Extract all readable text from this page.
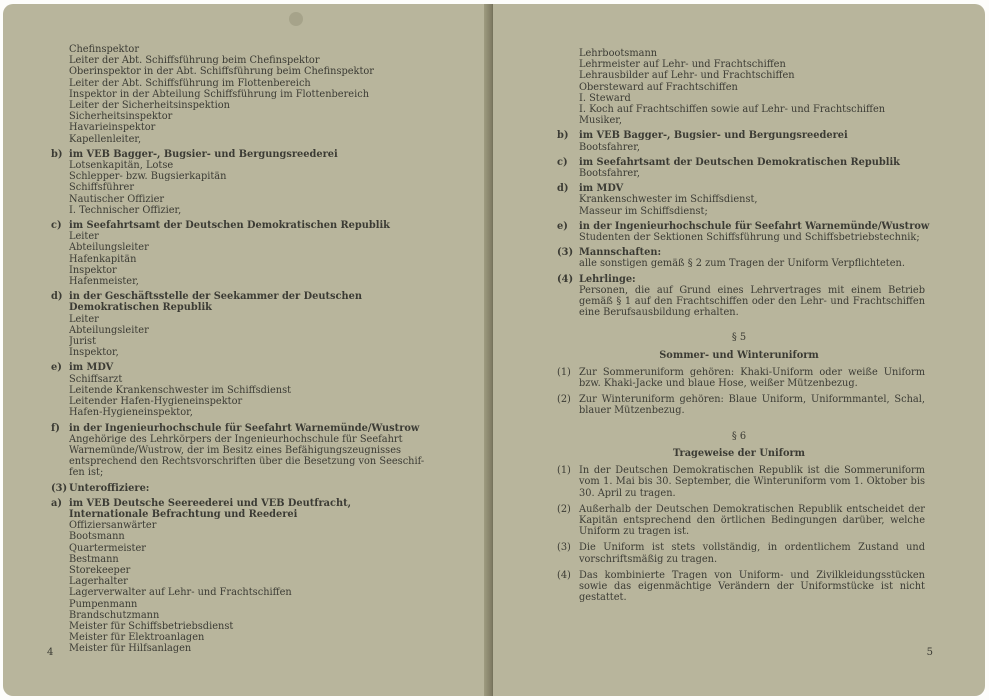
Chefinspektor

Leiter der Abt. Schiffsführung beim Chefinspektor

Oberinspektor in der Abt. Schiffsführung beim Chefinspektor

Leiter der Abt. Schiffsführung im Flottenbereich

Inspektor in der Abteilung Schiffsführung im Flottenbereich

Leiter der Sicherheitsinspektion

Sicherheitsinspektor

Havarieinspektor

Kapellenleiter,

b) im VEB Bagger-, Bugsier- und Bergungsreederei

Lotsenkapitän, Lotse

Schlepper- bzw. Bugsierkapitän

Schiffsführer

Nautischer Offizier

I. Technischer Offizier,

c) im Seefahrtsamt der Deutschen Demokratischen Republik

Leiter

Abteilungsleiter

Hafenkapitän

Inspektor

Hafenmeister,

d) in der Geschäftsstelle der Seekammer der Deutschen Demokratischen Republik

Leiter

Abteilungsleiter

Jurist

Inspektor,

e) im MDV

Schiffsarzt

Leitende Krankenschwester im Schiffsdienst

Leitender Hafen-Hygieneinspektor

Hafen-Hygieneinspektor,

f) in der Ingenieurhochschule für Seefahrt Warnemünde/Wustrow

Angehörige des Lehrkörpers der Ingenieurhochschule für Seefahrt

Warnemünde/Wustrow, der im Besitz eines Befähigungszeugnisses

entsprechend den Rechtsvorschriften über die Besetzung von Seeschif-

fen ist;

(3) Unteroffiziere:
a) im VEB Deutsche Seereederei und VEB Deutfracht, Internationale Befrachtung und Reederei

Offiziersanwärter

Bootsmann

Quartermeister

Bestmann

Storekeeper

Lagerhalter

Lagerverwalter auf Lehr- und Frachtschiffen

Pumpenmann

Brandschutzmann

Meister für Schiffsbetriebsdienst

Meister für Elektroanlagen

Meister für Hilfsanlagen

4

Lehrbootsmann

Lehrmeister auf Lehr- und Frachtschiffen

Lehrausbilder auf Lehr- und Frachtschiffen

Obersteward auf Frachtschiffen

I. Steward

I. Koch auf Frachtschiffen sowie auf Lehr- und Frachtschiffen

Musiker,

b) im VEB Bagger-, Bugsier- und Bergungsreederei

Bootsfahrer,

c) im Seefahrtsamt der Deutschen Demokratischen Republik

Bootsfahrer,

d) im MDV

Krankenschwester im Schiffsdienst,

Masseur im Schiffsdienst;

e) in der Ingenieurhochschule für Seefahrt Warnemünde/Wustrow

Studenten der Sektionen Schiffsführung und Schiffsbetriebstechnik;

(3) Mannschaften:
alle sonstigen gemäß § 2 zum Tragen der Uniform Verpflichteten.
(4) Lehrlinge:
Personen, die auf Grund eines Lehrvertrages mit einem Betrieb gemäß § 1 auf den Frachtschiffen oder den Lehr- und Frachtschiffen eine Berufsausbildung erhalten.
§ 5
Sommer- und Winteruniform
(1) Zur Sommeruniform gehören: Khaki-Uniform oder weiße Uniform bzw. Khaki-Jacke und blaue Hose, weißer Mützenbezug.
(2) Zur Winteruniform gehören: Blaue Uniform, Uniformmantel, Schal, blauer Mützenbezug.
§ 6
Trageweise der Uniform
(1) In der Deutschen Demokratischen Republik ist die Sommeruniform vom 1. Mai bis 30. September, die Winteruniform vom 1. Oktober bis 30. April zu tragen.
(2) Außerhalb der Deutschen Demokratischen Republik entscheidet der Kapitän entsprechend den örtlichen Bedingungen darüber, welche Uniform zu tragen ist.
(3) Die Uniform ist stets vollständig, in ordentlichem Zustand und vorschriftsmäßig zu tragen.
(4) Das kombinierte Tragen von Uniform- und Zivilkleidungsstücken sowie das eigenmächtige Verändern der Uniformstücke ist nicht gestattet.
5
